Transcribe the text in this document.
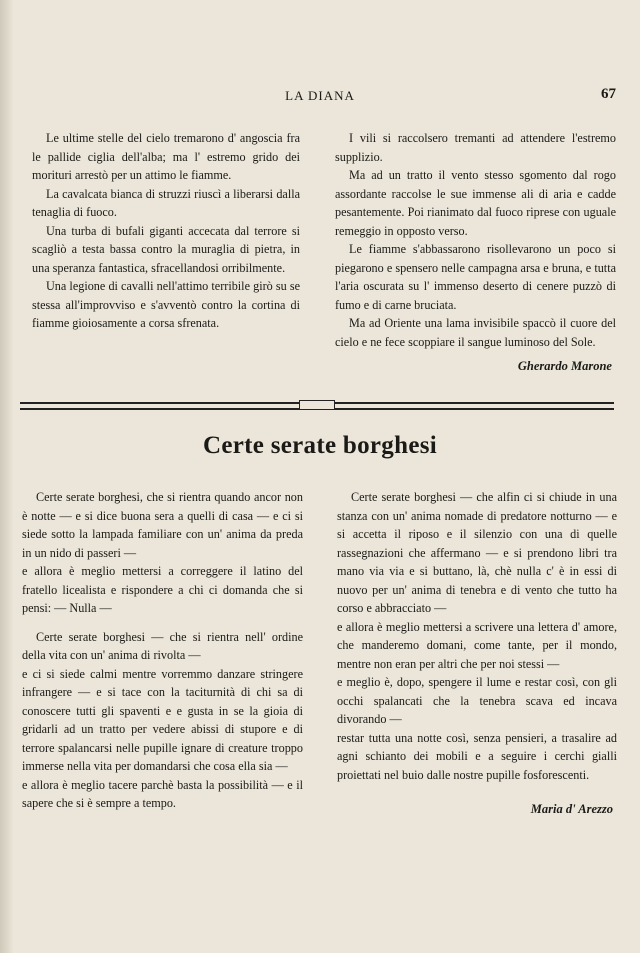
LA DIANA	67

Le ultime stelle del cielo tremarono d' angoscia fra le pallide ciglia dell'alba; ma l' estremo grido dei morituri arrestò per un attimo le fiamme.

La cavalcata bianca di struzzi riuscì a liberarsi dalla tenaglia di fuoco.

Una turba di bufali giganti accecata dal terrore si scagliò a testa bassa contro la muraglia di pietra, in una speranza fantastica, sfracellandosi orribilmente.

Una legione di cavalli nell'attimo terribile girò su se stessa all'improvviso e s'avventò contro la cortina di fiamme gioiosamente a corsa sfrenata.

I vili si raccolsero tremanti ad attendere l'estremo supplizio.

Ma ad un tratto il vento stesso sgomento dal rogo assordante raccolse le sue immense ali di aria e cadde pesantemente. Poi rianimato dal fuoco riprese con uguale remeggio in opposto verso.

Le fiamme s'abbassarono risollevarono un poco si piegarono e spensero nelle campagna arsa e bruna, e tutta l'aria oscurata su l' immenso deserto di cenere puzzò di fumo e di carne bruciata.

Ma ad Oriente una lama invisibile spaccò il cuore del cielo e ne fece scoppiare il sangue luminoso del Sole.

Gherardo Marone
Certe serate borghesi

Certe serate borghesi, che si rientra quando ancor non è notte — e si dice buona sera a quelli di casa — e ci si siede sotto la lampada familiare con un' anima da preda in un nido di passeri —

e allora è meglio mettersi a correggere il latino del fratello licealista e rispondere a chi ci domanda che si pensi: — Nulla —

Certe serate borghesi — che si rientra nell' ordine della vita con un' anima di rivolta —

e ci si siede calmi mentre vorremmo danzare stringere infrangere — e si tace con la taciturnità di chi sa di conoscere tutti gli spaventi e e gusta in se la gioia di gridarli ad un tratto per vedere abissi di stupore e di terrore spalancarsi nelle pupille ignare di creature troppo immerse nella vita per domandarsi che cosa ella sia —

e allora è meglio tacere parchè basta la possibilità — e il sapere che si è sempre a tempo.

Certe serate borghesi — che alfin ci si chiude in una stanza con un' anima nomade di predatore notturno — e si accetta il riposo e il silenzio con una di quelle rassegnazioni che affermano — e si prendono libri tra mano via via e si buttano, là, chè nulla c' è in essi di nuovo per un' anima di tenebra e di vento che tutto ha corso e abbracciato —

e allora è meglio mettersi a scrivere una lettera d' amore, che manderemo domani, come tante, per il mondo, mentre non eran per altri che per noi stessi —

e meglio è, dopo, spengere il lume e restar così, con gli occhi spalancati che la tenebra scava ed incava divorando —

restar tutta una notte così, senza pensieri, a trasalire ad agni schianto dei mobili e a seguire i cerchi gialli proiettati nel buio dalle nostre pupille fosforescenti.

Maria d' Arezzo
